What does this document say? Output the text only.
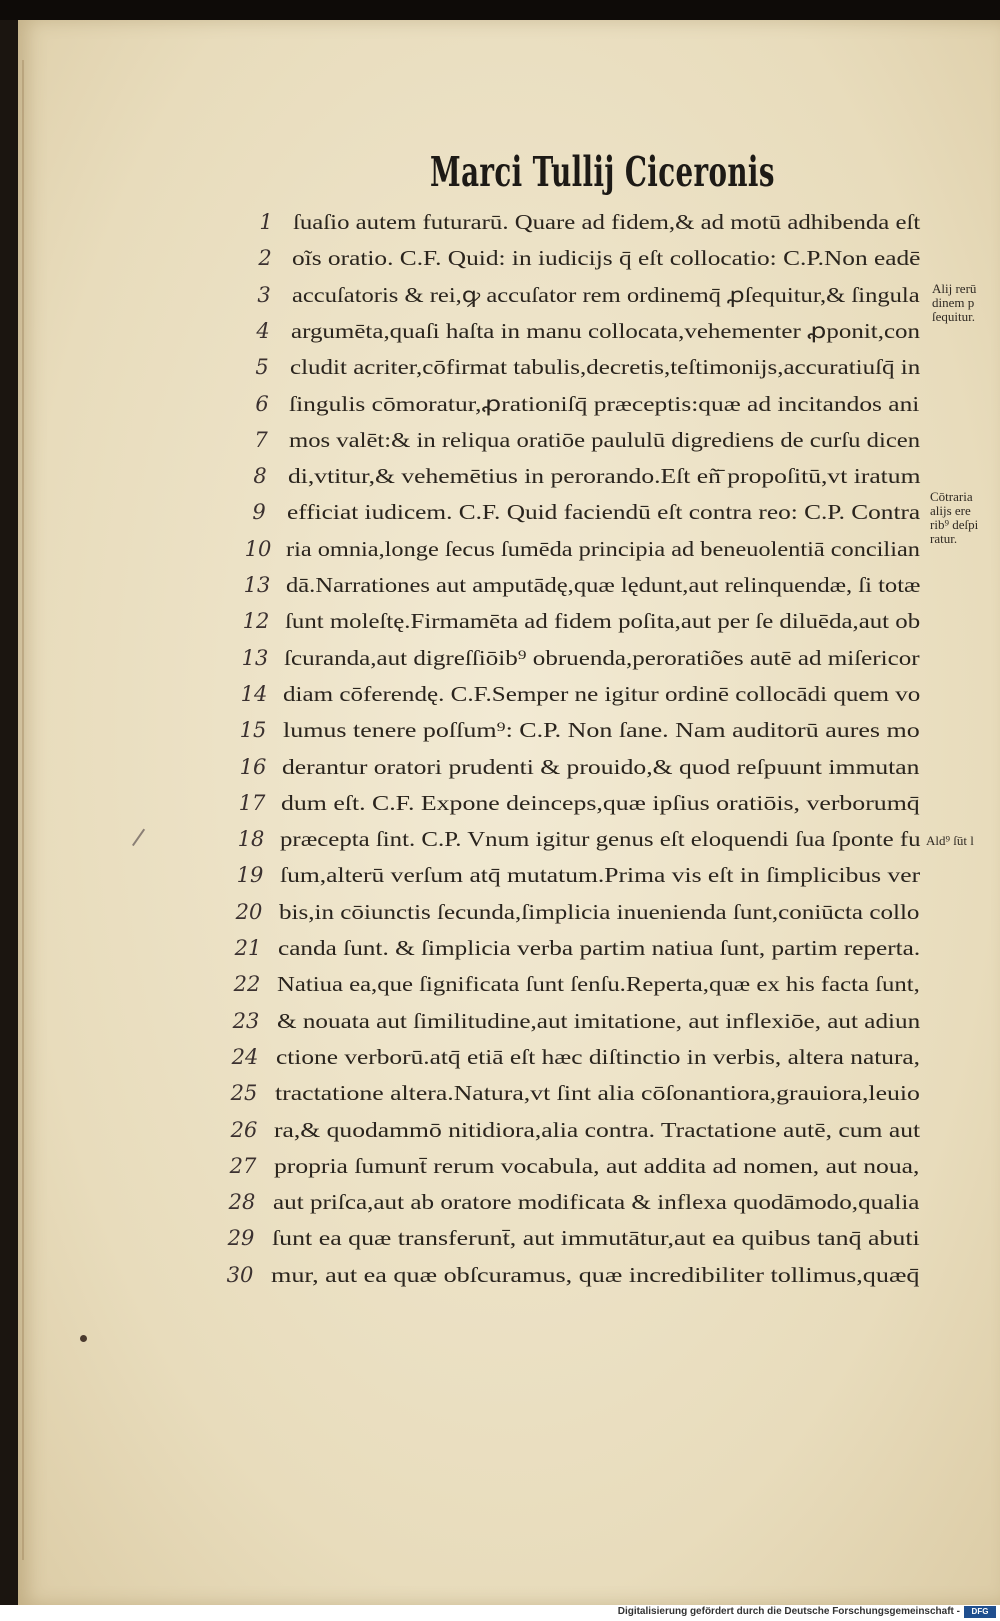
Marci Tullij Ciceronis
1 ſuaſio autem futurarū. Quare ad fidem,& ad motū adhibenda eſt
2 oĩs oratio. C.F. Quid: in iudicijs q̄ eſt collocatio: C.P.Non eadē
3	accuſatoris & rei,ꝙ accuſator rem ordinemq̄ ꝓſequitur,& ſingula
4	argumēta,quaſi haſta in manu collocata,vehementer ꝓponit,con
5	cludit acriter,cōfirmat tabulis,decretis,teſtimonijs,accuratiuſq̄ in
6 ſingulis cōmoratur,ꝓrationiſq̄ præceptis:quæ ad incitandos ani
7	mos valēt:& in reliqua oratiōe paululū digrediens de curſu dicen
8	di,vtitur,& vehemētius in perorando.Eſt eñ̄ propoſitū,vt iratum
9	efficiat iudicem. C.F. Quid faciendū eſt contra reo: C.P. Contra
10 ria omnia,longe ſecus ſumēda principia ad beneuolentiā concilian
13 dā.Narrationes aut amputādę,quæ lędunt,aut relinquendæ, ſi totæ
12 ſunt moleſtę.Firmamēta ad fidem poſita,aut per ſe diluēda,aut ob
13 ſcuranda,aut digreſſiōib⁹ obruenda,peroratiões autē ad miſericor
14 diam cōferendę. C.F.Semper ne igitur ordinē collocādi quem vo
15 lumus tenere poſſum⁹: C.P. Non ſane. Nam auditorū aures mo
16 derantur oratori prudenti & prouido,& quod reſpuunt immutan
17 dum eſt. C.F. Expone deinceps,quæ ipſius oratiōis, verborumq̄
18 præcepta ſint. C.P. Vnum igitur genus eſt eloquendi ſua ſponte fu
19 ſum,alterū verſum atq̄ mutatum.Prima vis eſt in ſimplicibus ver
20 bis,in cōiunctis ſecunda,ſimplicia inuenienda ſunt,coniūcta collo
21 canda ſunt. & ſimplicia verba partim natiua ſunt, partim reperta.
22 Natiua ea,que ſignificata ſunt ſenſu.Reperta,quæ ex his facta ſunt,
23 & nouata aut ſimilitudine,aut imitatione, aut inflexiōe, aut adiun
24 ctione verborū.atq̄ etiā eſt hæc diſtinctio in verbis, altera natura,
25 tractatione altera.Natura,vt ſint alia cōſonantiora,grauiora,leuio
26 ra,& quodammō nitidiora,alia contra. Tractatione autē, cum aut
27 propria ſumunt̄ rerum vocabula, aut addita ad nomen, aut noua,
28 aut priſca,aut ab oratore modificata & inflexa quodāmodo,qualia
29 ſunt ea quæ transferunt̄, aut immutātur,aut ea quibus tanq̄ abuti
30 mur, aut ea quæ obſcuramus, quæ incredibiliter tollimus,quæq̄
Alij rerū
dinem p
ſequitur.
Cōtraria
alijs ere
rib⁹ deſpi
ratur.
Ald⁹ ſūt l
Digitalisierung gefördert durch die Deutsche Forschungsgemeinschaft -	DFG
